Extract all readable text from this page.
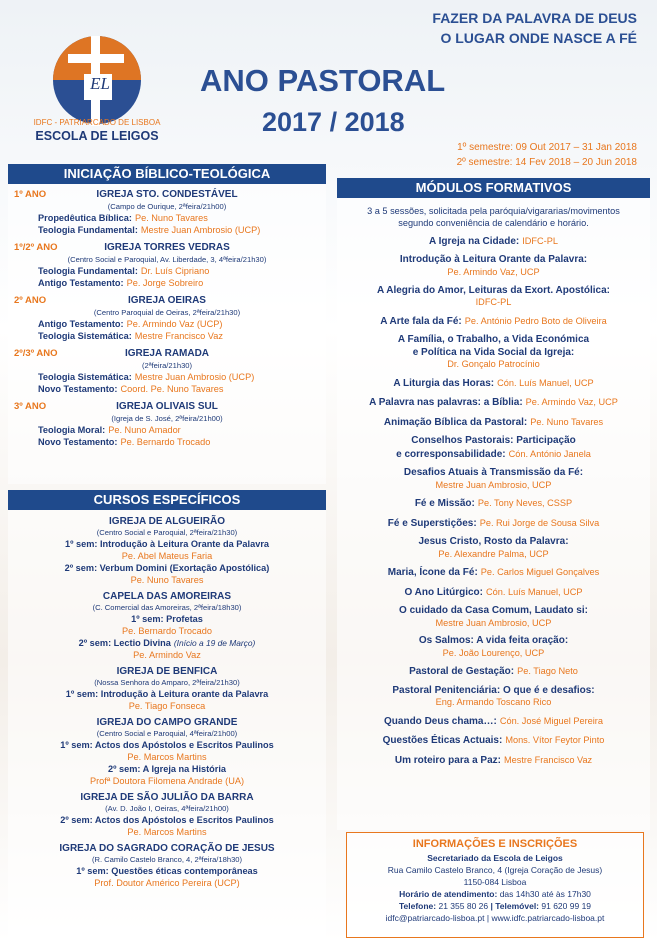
EL
IDFC - PATRIARCADO DE LISBOA
ESCOLA DE LEIGOS
FAZER DA PALAVRA DE DEUS
O LUGAR ONDE NASCE A FÉ
ANO PASTORAL
2017 / 2018
1º semestre: 09 Out 2017 – 31 Jan 2018
2º semestre: 14 Fev 2018 – 20 Jun 2018
INICIAÇÃO BÍBLICO-TEOLÓGICA
IGREJA STO. CONDESTÁVEL
1º ANO
(Campo de Ourique, 2ªfeira/21h00)
Propedêutica Bíblica: Pe. Nuno Tavares
Teologia Fundamental: Mestre Juan Ambrosio (UCP)
IGREJA TORRES VEDRAS
1º/2º ANO
(Centro Social e Paroquial, Av. Liberdade, 3, 4ªfeira/21h30)
Teologia Fundamental: Dr. Luís Cipriano
Antigo Testamento: Pe. Jorge Sobreiro
IGREJA OEIRAS
2º ANO
(Centro Paroquial de Oeiras, 2ªfeira/21h30)
Antigo Testamento: Pe. Armindo Vaz (UCP)
Teologia Sistemática: Mestre Francisco Vaz
IGREJA RAMADA
2º/3º ANO
(2ªfeira/21h30)
Teologia Sistemática: Mestre Juan Ambrosio (UCP)
Novo Testamento: Coord. Pe. Nuno Tavares
IGREJA OLIVAIS SUL
3º ANO
(Igreja de S. José, 2ªfeira/21h00)
Teologia Moral: Pe. Nuno Amador
Novo Testamento: Pe. Bernardo Trocado
CURSOS ESPECÍFICOS
IGREJA DE ALGUEIRÃO
(Centro Social e Paroquial, 2ªfeira/21h30)
1º sem: Introdução à Leitura Orante da Palavra
Pe. Abel Mateus Faria
2º sem: Verbum Domini (Exortação Apostólica)
Pe. Nuno Tavares
CAPELA DAS AMOREIRAS
(C. Comercial das Amoreiras, 2ªfeira/18h30)
1º sem: Profetas
Pe. Bernardo Trocado
2º sem: Lectio Divina (Início a 19 de Março)
Pe. Armindo Vaz
IGREJA DE BENFICA
(Nossa Senhora do Amparo, 2ªfeira/21h30)
1º sem: Introdução à Leitura orante da Palavra
Pe. Tiago Fonseca
IGREJA DO CAMPO GRANDE
(Centro Social e Paroquial, 4ªfeira/21h00)
1º sem: Actos dos Apóstolos e Escritos Paulinos
Pe. Marcos Martins
2º sem: A Igreja na História
Profª Doutora Filomena Andrade (UA)
IGREJA DE SÃO JULIÃO DA BARRA
(Av. D. João I, Oeiras, 4ªfeira/21h00)
2º sem: Actos dos Apóstolos e Escritos Paulinos
Pe. Marcos Martins
IGREJA DO SAGRADO CORAÇÃO DE JESUS
(R. Camilo Castelo Branco, 4, 2ªfeira/18h30)
1º sem: Questões éticas contemporâneas
Prof. Doutor Américo Pereira (UCP)
MÓDULOS FORMATIVOS
3 a 5 sessões, solicitada pela paróquia/vigararias/movimentos
segundo conveniência de calendário e horário.
A Igreja na Cidade: IDFC-PL
Introdução à Leitura Orante da Palavra:
Pe. Armindo Vaz, UCP
A Alegria do Amor, Leituras da Exort. Apostólica:
IDFC-PL
A Arte fala da Fé: Pe. António Pedro Boto de Oliveira
A Família, o Trabalho, a Vida Económica
e Política na Vida Social da Igreja:
Dr. Gonçalo Patrocínio
A Liturgia das Horas: Cón. Luís Manuel, UCP
A Palavra nas palavras: a Bíblia: Pe. Armindo Vaz, UCP
Animação Bíblica da Pastoral: Pe. Nuno Tavares
Conselhos Pastorais: Participação
e corresponsabilidade: Cón. António Janela
Desafios Atuais à Transmissão da Fé:
Mestre Juan Ambrosio, UCP
Fé e Missão: Pe. Tony Neves, CSSP
Fé e Superstições: Pe. Rui Jorge de Sousa Silva
Jesus Cristo, Rosto da Palavra:
Pe. Alexandre Palma, UCP
Maria, Ícone da Fé: Pe. Carlos Miguel Gonçalves
O Ano Litúrgico: Cón. Luís Manuel, UCP
O cuidado da Casa Comum, Laudato si:
Mestre Juan Ambrosio, UCP
Os Salmos: A vida feita oração:
Pe. João Lourenço, UCP
Pastoral de Gestação: Pe. Tiago Neto
Pastoral Penitenciária: O que é e desafios:
Eng. Armando Toscano Rico
Quando Deus chama…: Cón. José Miguel Pereira
Questões Éticas Actuais: Mons. Vítor Feytor Pinto
Um roteiro para a Paz: Mestre Francisco Vaz
INFORMAÇÕES E INSCRIÇÕES
Secretariado da Escola de Leigos
Rua Camilo Castelo Branco, 4 (Igreja Coração de Jesus)
1150-084 Lisboa
Horário de atendimento: das 14h30 até às 17h30
Telefone: 21 355 80 26 | Telemóvel: 91 620 99 19
idfc@patriarcado-lisboa.pt | www.idfc.patriarcado-lisboa.pt
